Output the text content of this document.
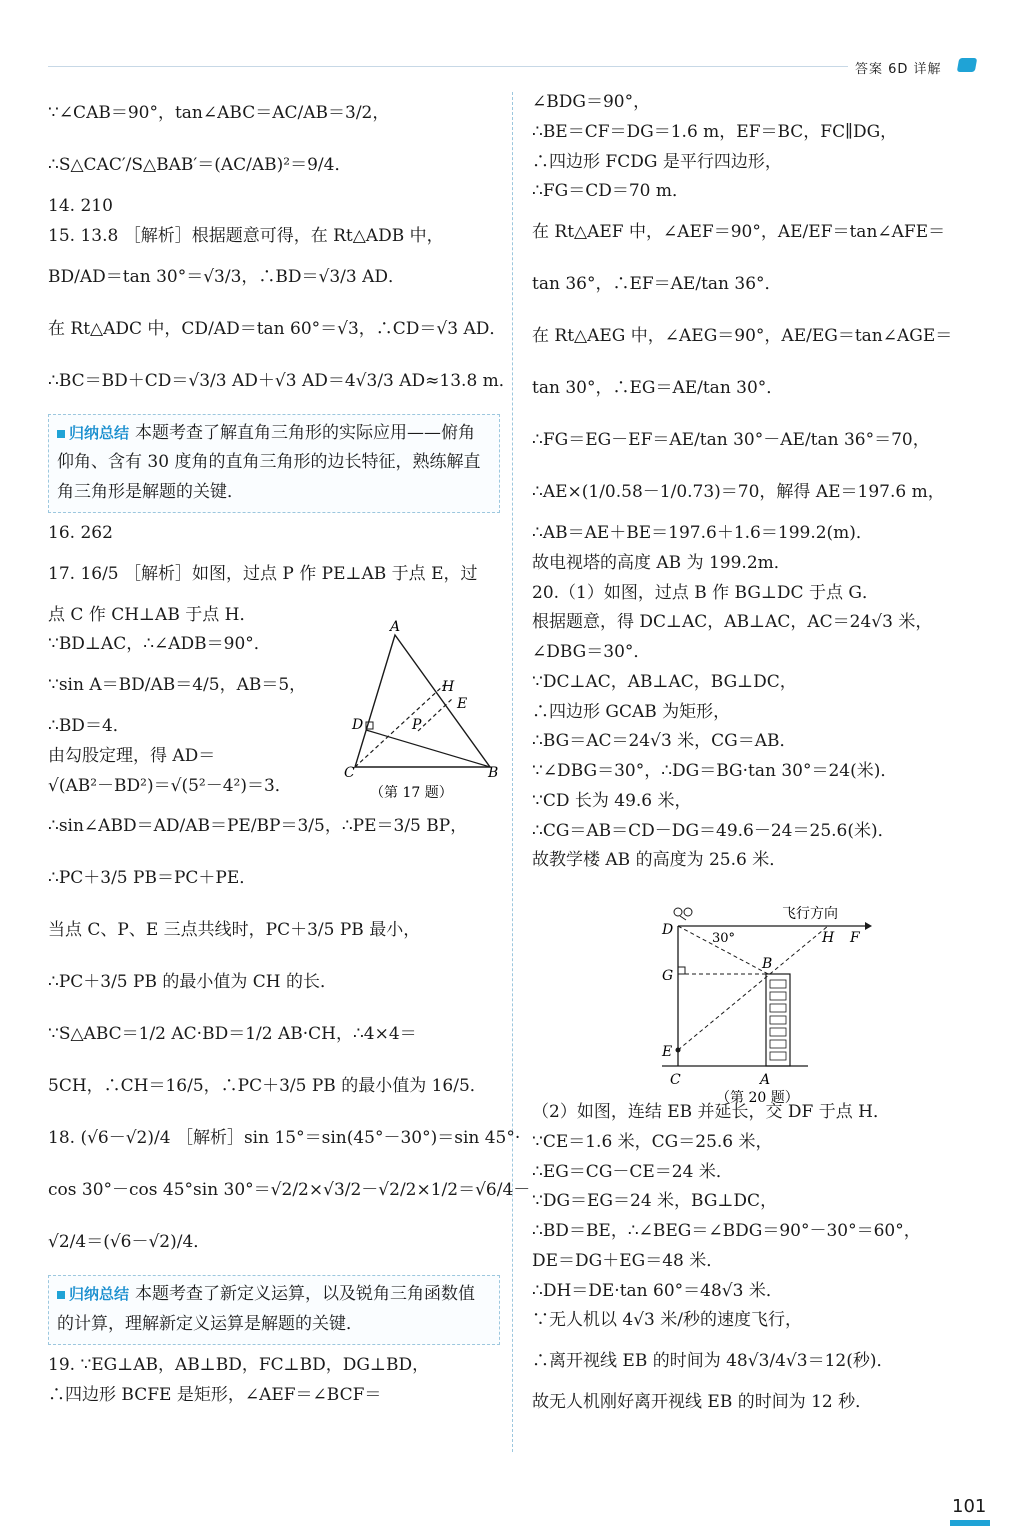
答案 6D 详解
∵∠CAB＝90°，tan∠ABC＝AC/AB＝3/2，
∴S△CAC′/S△BAB′＝(AC/AB)²＝9/4．
14. 210
15. 13.8 ［解析］根据题意可得，在 Rt△ADB 中，
BD/AD＝tan 30°＝√3/3，∴BD＝√3/3 AD．
在 Rt△ADC 中，CD/AD＝tan 60°＝√3，∴CD＝√3 AD．
∴BC＝BD＋CD＝√3/3 AD＋√3 AD＝4√3/3 AD≈13.8 m．
归纳总结 本题考查了解直角三角形的实际应用——俯角仰角、含有 30 度角的直角三角形的边长特征，熟练解直角三角形是解题的关键．
16. 262
17. 16/5 ［解析］如图，过点 P 作 PE⊥AB 于点 E，过
点 C 作 CH⊥AB 于点 H．
∵BD⊥AC，∴∠ADB＝90°．
∵sin A＝BD/AB＝4/5，AB＝5，
∴BD＝4．
由勾股定理，得 AD＝
√(AB²－BD²)＝√(5²－4²)＝3．
∴sin∠ABD＝AD/AB＝PE/BP＝3/5，∴PE＝3/5 BP，
∴PC＋3/5 PB＝PC＋PE．
当点 C、P、E 三点共线时，PC＋3/5 PB 最小，
∴PC＋3/5 PB 的最小值为 CH 的长．
∵S△ABC＝1/2 AC·BD＝1/2 AB·CH，∴4×4＝
5CH，∴CH＝16/5，∴PC＋3/5 PB 的最小值为 16/5．
18. (√6－√2)/4 ［解析］sin 15°＝sin(45°－30°)＝sin 45°·
cos 30°－cos 45°sin 30°＝√2/2×√3/2－√2/2×1/2＝√6/4－
√2/4＝(√6－√2)/4．
归纳总结 本题考查了新定义运算，以及锐角三角函数值的计算，理解新定义运算是解题的关键．
19. ∵EG⊥AB，AB⊥BD，FC⊥BD，DG⊥BD，
∴四边形 BCFE 是矩形，∠AEF＝∠BCF＝
A
C	B
D
H
E
P
（第 17 题）
∠BDG＝90°，
∴BE＝CF＝DG＝1.6 m，EF＝BC，FC∥DG，
∴四边形 FCDG 是平行四边形，
∴FG＝CD＝70 m．
在 Rt△AEF 中，∠AEF＝90°，AE/EF＝tan∠AFE＝
tan 36°，∴EF＝AE/tan 36°．
在 Rt△AEG 中，∠AEG＝90°，AE/EG＝tan∠AGE＝
tan 30°，∴EG＝AE/tan 30°．
∴FG＝EG－EF＝AE/tan 30°－AE/tan 36°＝70，
∴AE×(1/0.58－1/0.73)＝70，解得 AE＝197.6 m，
∴AB＝AE＋BE＝197.6＋1.6＝199.2(m)．
故电视塔的高度 AB 为 199.2m．
20.（1）如图，过点 B 作 BG⊥DC 于点 G．
根据题意，得 DC⊥AC，AB⊥AC，AC＝24√3 米，
∠DBG＝30°．
∵DC⊥AC，AB⊥AC，BG⊥DC，
∴四边形 GCAB 为矩形，
∴BG＝AC＝24√3 米，CG＝AB．
∵∠DBG＝30°，∴DG＝BG·tan 30°＝24(米)．
∵CD 长为 49.6 米，
∴CG＝AB＝CD－DG＝49.6－24＝25.6(米)．
故教学楼 AB 的高度为 25.6 米．
（2）如图，连结 EB 并延长，交 DF 于点 H．
∵CE＝1.6 米，CG＝25.6 米，
∴EG＝CG－CE＝24 米．
∵DG＝EG＝24 米，BG⊥DC，
∴BD＝BE，∴∠BEG＝∠BDG＝90°－30°＝60°，
DE＝DG＋EG＝48 米．
∴DH＝DE·tan 60°＝48√3 米．
∵无人机以 4√3 米/秒的速度飞行，
∴离开视线 EB 的时间为 48√3/4√3＝12(秒)．
故无人机刚好离开视线 EB 的时间为 12 秒．
飞行方向
30°
D	H F
G
B
E
C	A
（第 20 题）
101
